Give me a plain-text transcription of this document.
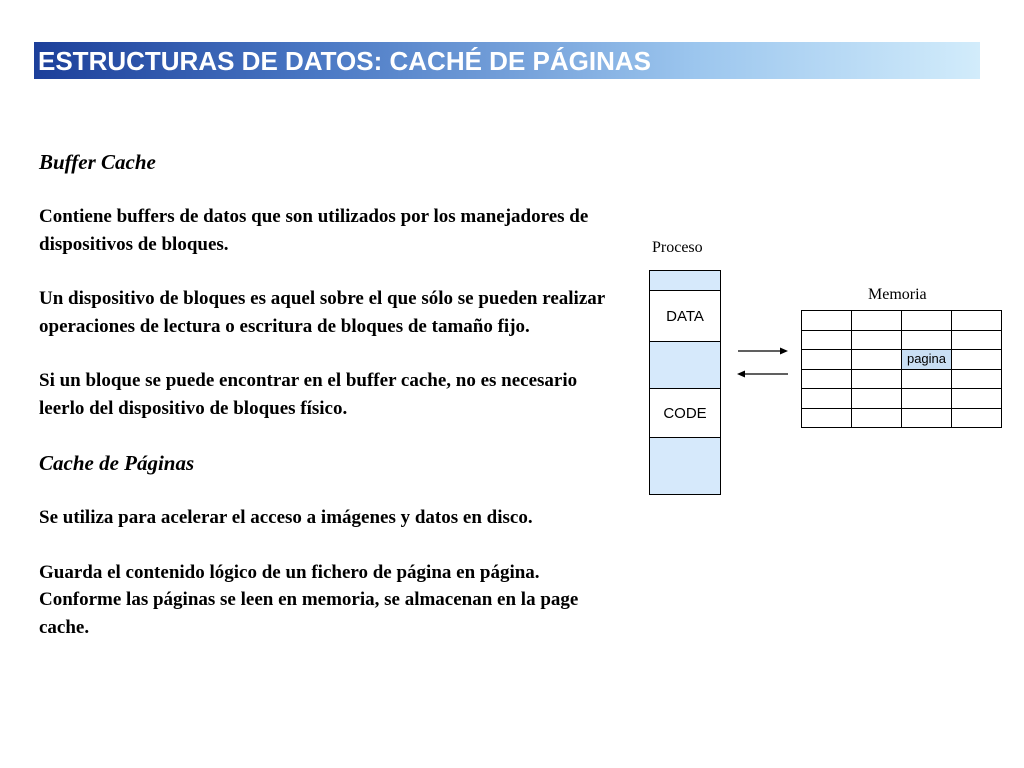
ESTRUCTURAS DE DATOS: CACHÉ DE PÁGINAS
Buffer Cache

Contiene buffers de datos que son utilizados por los manejadores de dispositivos de bloques.

Un dispositivo de bloques es aquel sobre el que sólo se pueden realizar operaciones de lectura o escritura de bloques de tamaño fijo.

Si un bloque se puede encontrar en el buffer cache, no es necesario leerlo del dispositivo de bloques físico.

Cache de Páginas

Se utiliza para acelerar el acceso a imágenes y datos en disco.

Guarda el contenido lógico de un fichero de página en página. Conforme las páginas se leen en memoria, se almacenan en la page cache.

Proceso
DATA
CODE
Memoria

		pagina	
